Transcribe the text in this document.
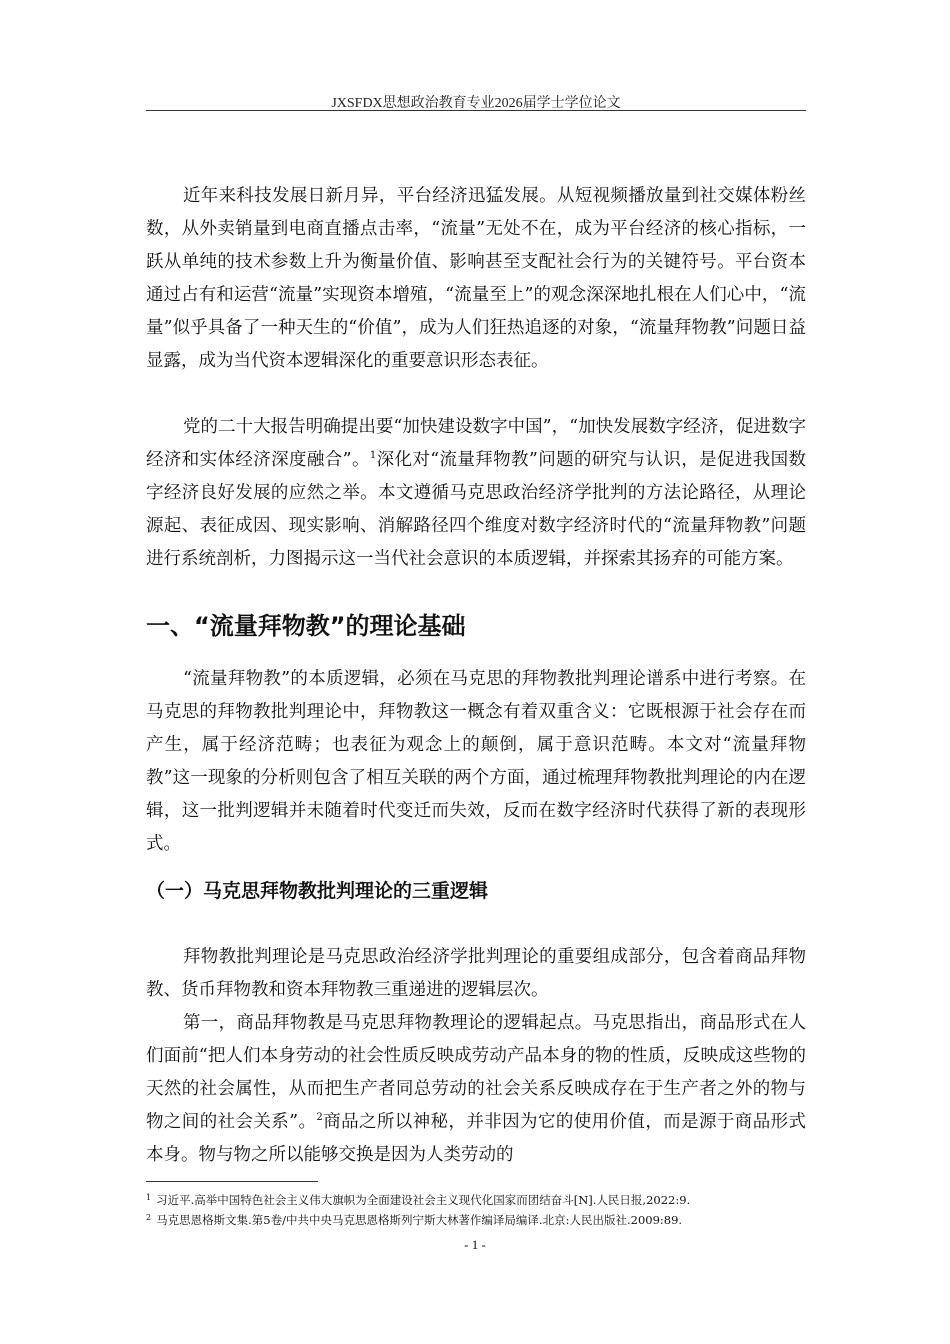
JXSFDX思想政治教育专业2026届学士学位论文

近年来科技发展日新月异，平台经济迅猛发展。从短视频播放量到社交媒体粉丝数，从外卖销量到电商直播点击率，“流量”无处不在，成为平台经济的核心指标，一跃从单纯的技术参数上升为衡量价值、影响甚至支配社会行为的关键符号。平台资本通过占有和运营“流量”实现资本增殖，“流量至上”的观念深深地扎根在人们心中，“流量”似乎具备了一种天生的“价值”，成为人们狂热追逐的对象，“流量拜物教”问题日益显露，成为当代资本逻辑深化的重要意识形态表征。

党的二十大报告明确提出要“加快建设数字中国”，“加快发展数字经济，促进数字经济和实体经济深度融合”。$^1$深化对“流量拜物教”问题的研究与认识，是促进我国数字经济良好发展的应然之举。本文遵循马克思政治经济学批判的方法论路径，从理论源起、表征成因、现实影响、消解路径四个维度对数字经济时代的“流量拜物教”问题进行系统剖析，力图揭示这一当代社会意识的本质逻辑，并探索其扬弃的可能方案。

一、“流量拜物教”的理论基础

“流量拜物教”的本质逻辑，必须在马克思的拜物教批判理论谱系中进行考察。在马克思的拜物教批判理论中，拜物教这一概念有着双重含义：它既根源于社会存在而产生，属于经济范畴；也表征为观念上的颠倒，属于意识范畴。本文对“流量拜物教”这一现象的分析则包含了相互关联的两个方面，通过梳理拜物教批判理论的内在逻辑，这一批判逻辑并未随着时代变迁而失效，反而在数字经济时代获得了新的表现形式。

（一）马克思拜物教批判理论的三重逻辑

拜物教批判理论是马克思政治经济学批判理论的重要组成部分，包含着商品拜物教、货币拜物教和资本拜物教三重递进的逻辑层次。

第一，商品拜物教是马克思拜物教理论的逻辑起点。马克思指出，商品形式在人们面前“把人们本身劳动的社会性质反映成劳动产品本身的物的性质，反映成这些物的天然的社会属性，从而把生产者同总劳动的社会关系反映成存在于生产者之外的物与物之间的社会关系”。$^2$商品之所以神秘，并非因为它的使用价值，而是源于商品形式本身。物与物之所以能够交换是因为人类劳动的

$^1$ 习近平.高举中国特色社会主义伟大旗帜为全面建设社会主义现代化国家而团结奋斗[N].人民日报,2022:9.

$^2$ 马克思恩格斯文集.第5卷/中共中央马克思恩格斯列宁斯大林著作编译局编译.北京:人民出版社.2009:89.

- 1 -
